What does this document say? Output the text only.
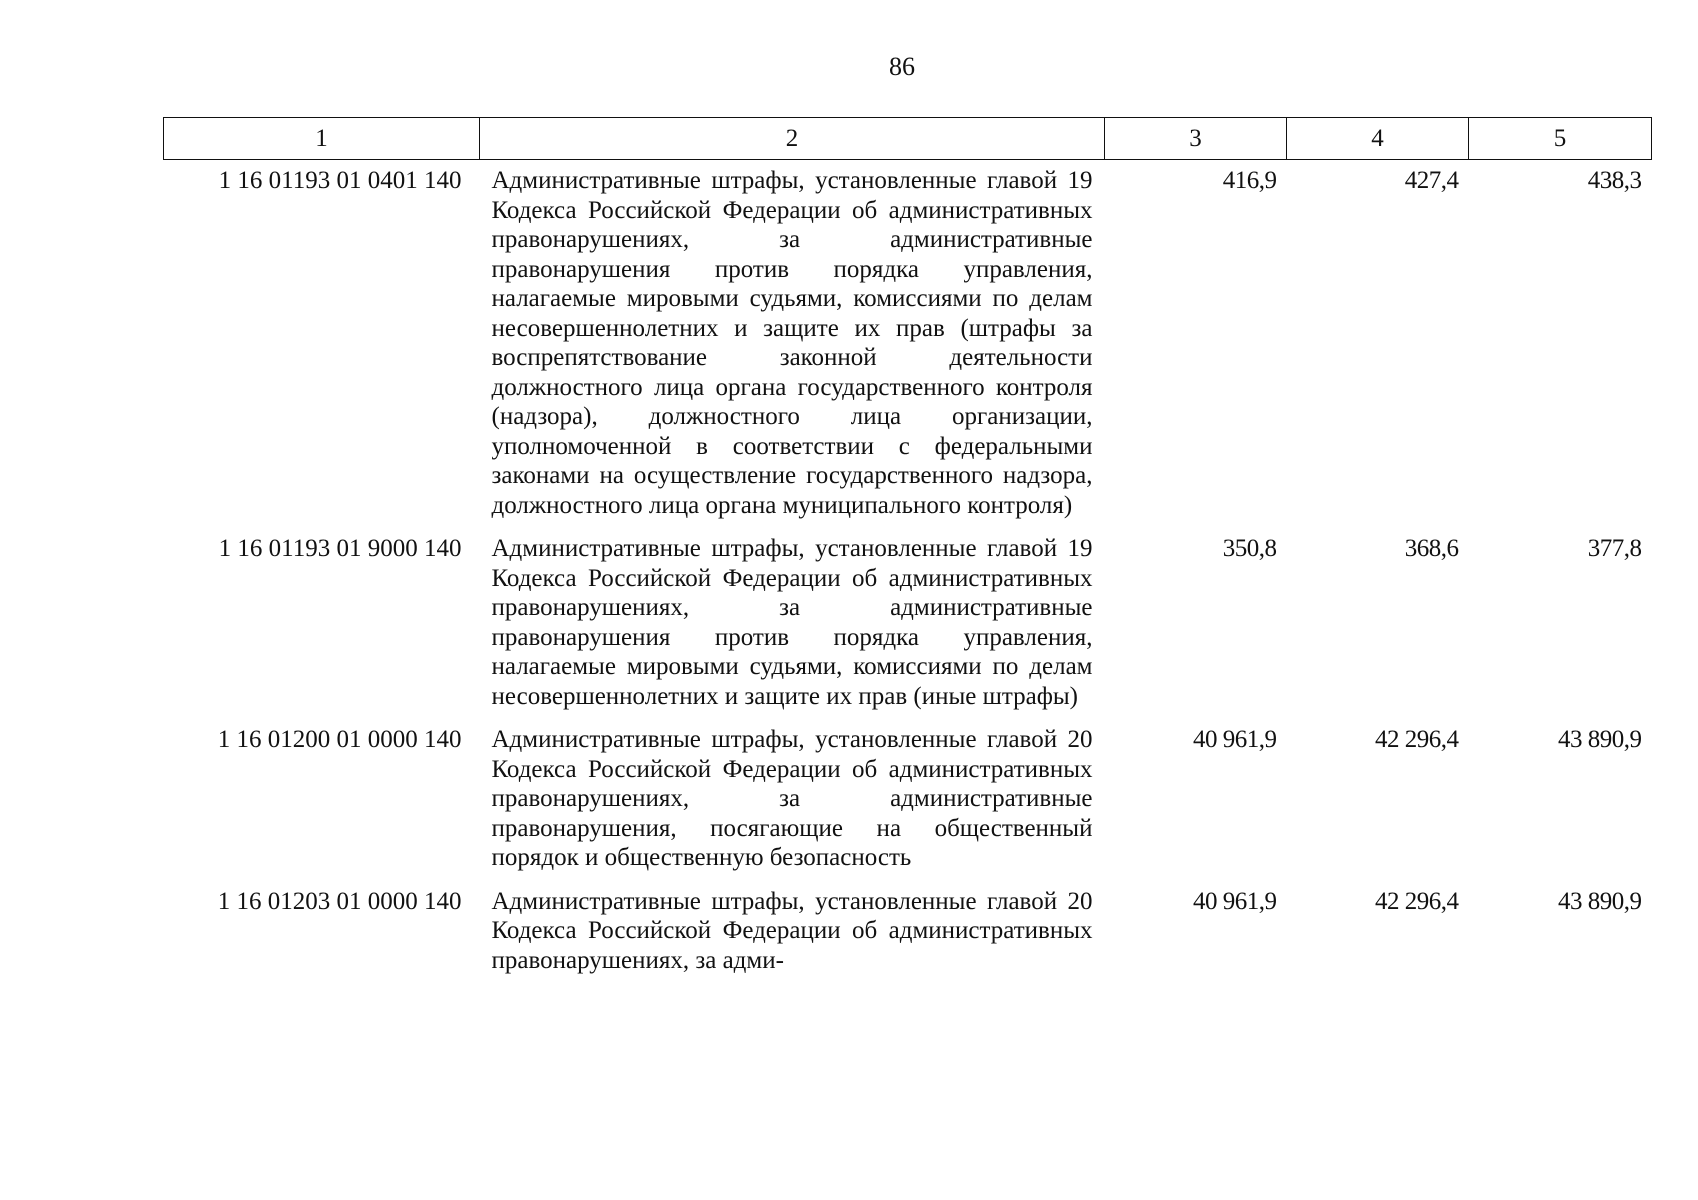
86
1	2	3	4	5
1 16 01193 01 0401 140	Административные штрафы, установленные главой 19 Кодекса Российской Федерации об административных правонарушениях, за административные правонарушения против порядка управления, налагаемые мировыми судьями, комиссиями по делам несовершеннолетних и защите их прав (штрафы за воспрепятствование законной деятельности должностного лица органа государственного контроля (надзора), должностного лица организации, уполномоченной в соответствии с федеральными законами на осуществление государственного надзора, должностного лица органа муниципального контроля)	416,9	427,4	438,3
1 16 01193 01 9000 140	Административные штрафы, установленные главой 19 Кодекса Российской Федерации об административных правонарушениях, за административные правонарушения против порядка управления, налагаемые мировыми судьями, комиссиями по делам несовершеннолетних и защите их прав (иные штрафы)	350,8	368,6	377,8
1 16 01200 01 0000 140	Административные штрафы, установленные главой 20 Кодекса Российской Федерации об административных правонарушениях, за административные правонарушения, посягающие на общественный порядок и общественную безопасность	40 961,9	42 296,4	43 890,9
1 16 01203 01 0000 140	Административные штрафы, установленные главой 20 Кодекса Российской Федерации об административных правонарушениях, за адми-	40 961,9	42 296,4	43 890,9
